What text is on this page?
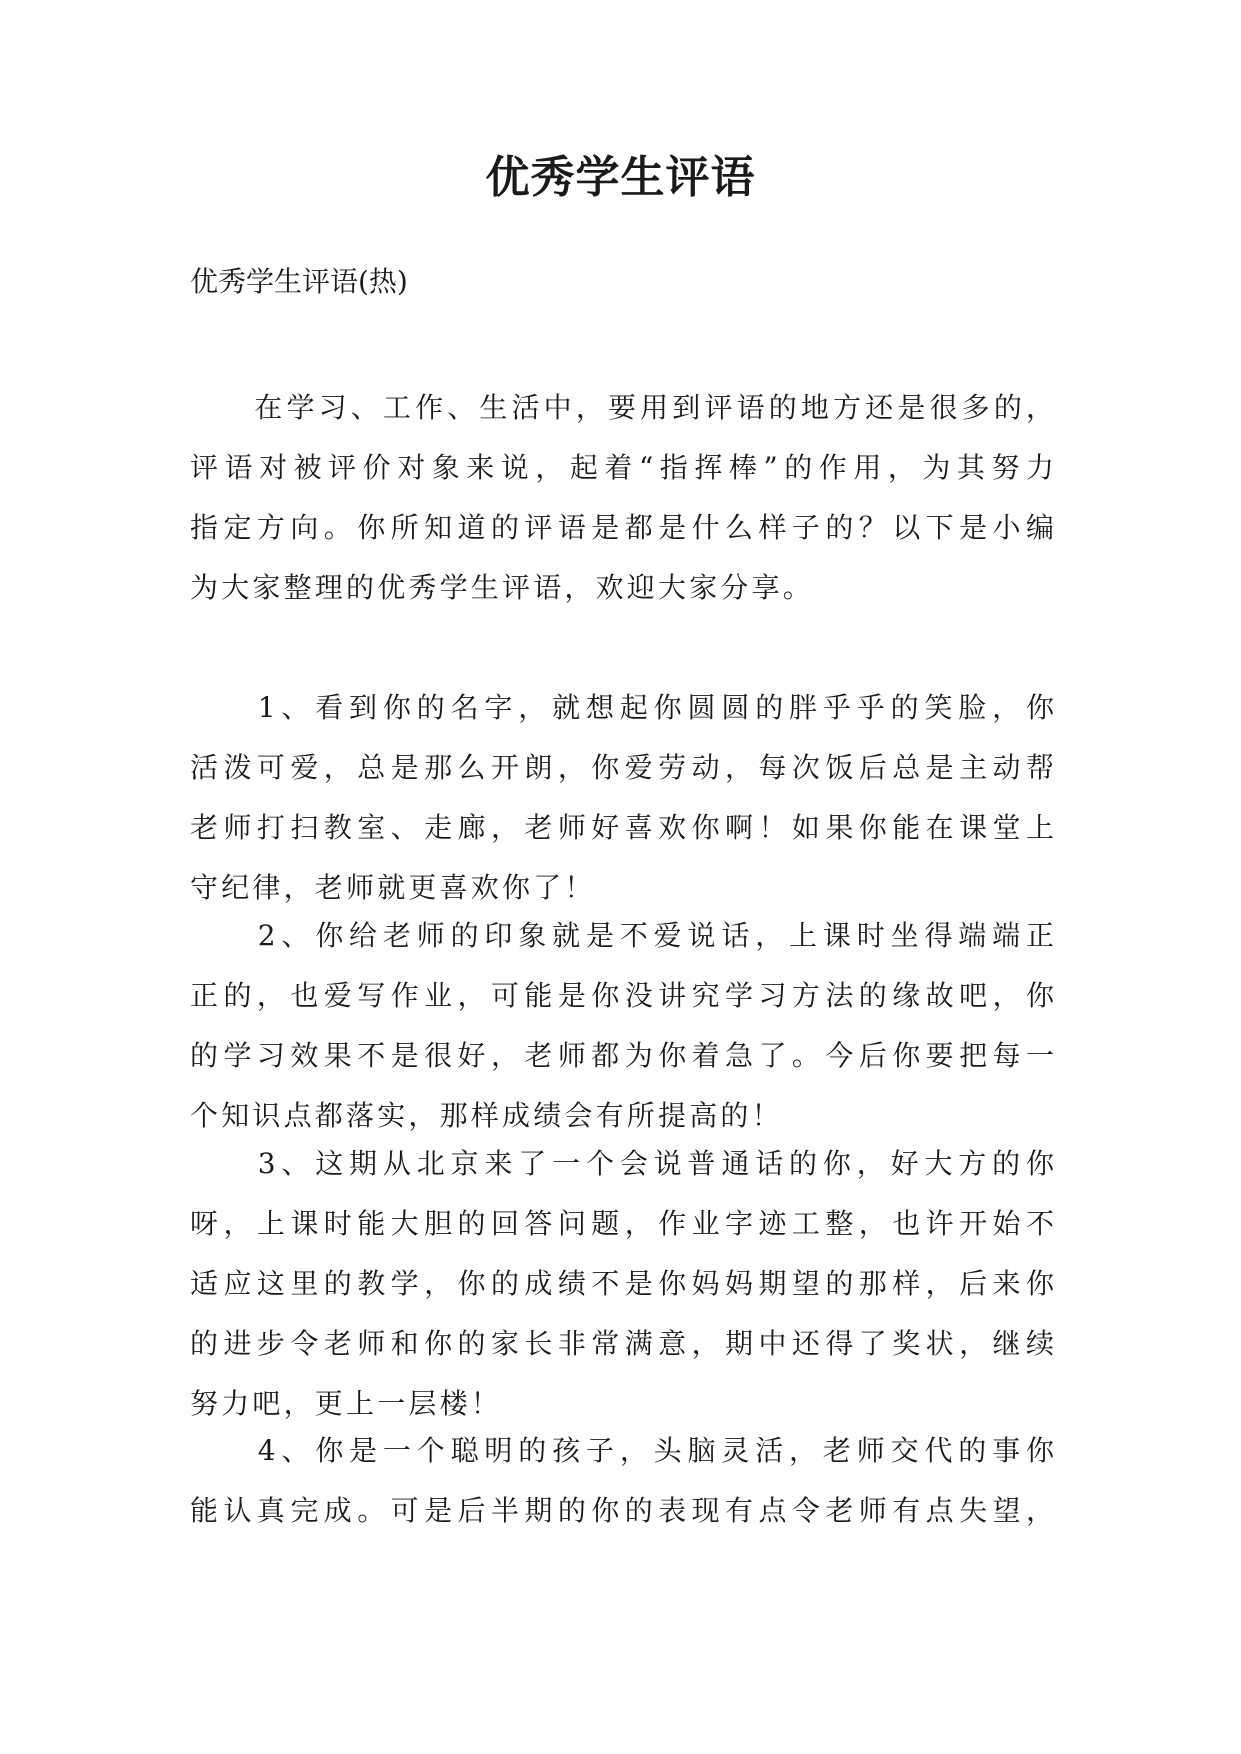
优秀学生评语

优秀学生评语(热)

　　在学习、工作、生活中，要用到评语的地方还是很多的，
评语对被评价对象来说，起着“指挥棒”的作用，为其努力
指定方向。你所知道的评语是都是什么样子的？以下是小编
为大家整理的优秀学生评语，欢迎大家分享。
　　1、看到你的名字，就想起你圆圆的胖乎乎的笑脸，你
活泼可爱，总是那么开朗，你爱劳动，每次饭后总是主动帮
老师打扫教室、走廊，老师好喜欢你啊！如果你能在课堂上
守纪律，老师就更喜欢你了！
　　2、你给老师的印象就是不爱说话，上课时坐得端端正
正的，也爱写作业，可能是你没讲究学习方法的缘故吧，你
的学习效果不是很好，老师都为你着急了。今后你要把每一
个知识点都落实，那样成绩会有所提高的！
　　3、这期从北京来了一个会说普通话的你，好大方的你
呀，上课时能大胆的回答问题，作业字迹工整，也许开始不
适应这里的教学，你的成绩不是你妈妈期望的那样，后来你
的进步令老师和你的家长非常满意，期中还得了奖状，继续
努力吧，更上一层楼！
　　4、你是一个聪明的孩子，头脑灵活，老师交代的事你
能认真完成。可是后半期的你的表现有点令老师有点失望，
